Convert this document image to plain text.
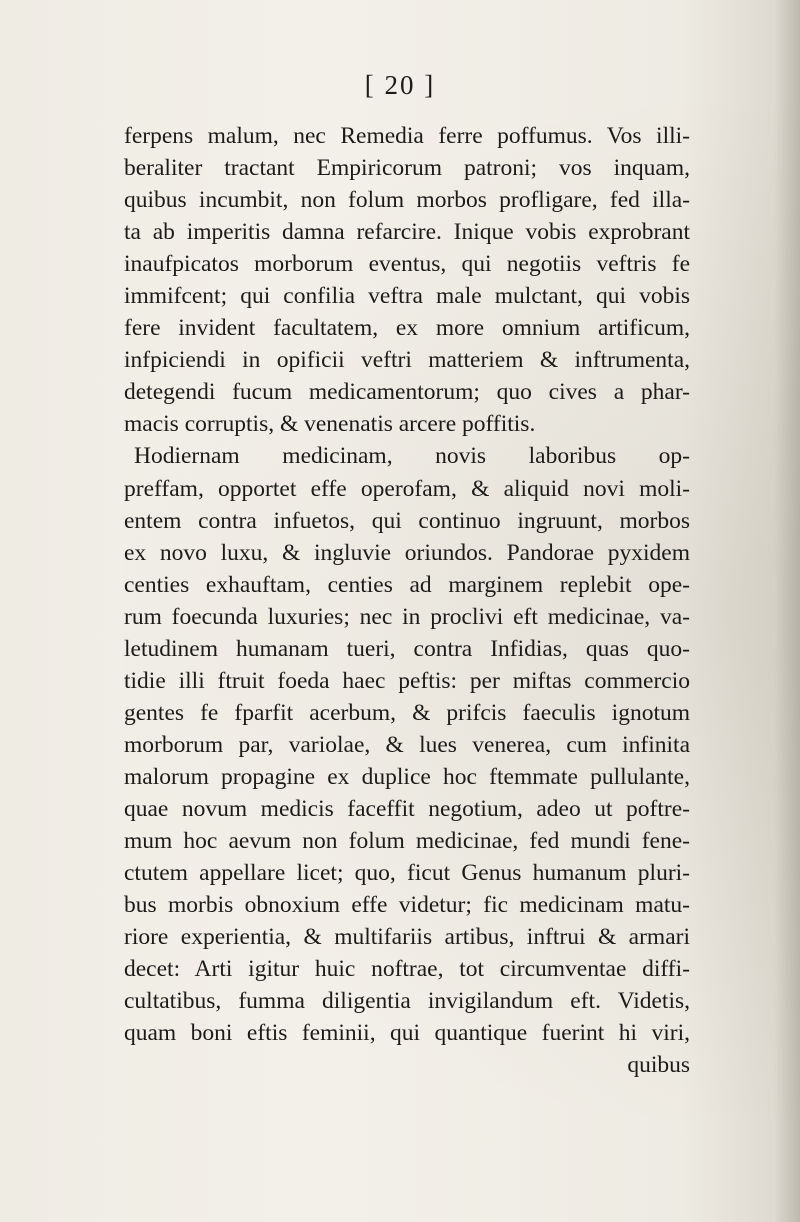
[ 20 ]
ferpens malum, nec Remedia ferre poffumus. Vos illi-
beraliter tractant Empiricorum patroni; vos inquam,
quibus incumbit, non folum morbos profligare, fed illa-
ta ab imperitis damna refarcire. Inique vobis exprobrant
inaufpicatos morborum eventus, qui negotiis veftris fe
immifcent; qui confilia veftra male mulctant, qui vobis
fere invident facultatem, ex more omnium artificum,
infpiciendi in opificii veftri matteriem & inftrumenta,
detegendi fucum medicamentorum; quo cives a phar-
macis corruptis, & venenatis arcere poffitis.
Hodiernam medicinam, novis laboribus op-
preffam, opportet effe operofam, & aliquid novi moli-
entem contra infuetos, qui continuo ingruunt, morbos
ex novo luxu, & ingluvie oriundos. Pandorae pyxidem
centies exhauftam, centies ad marginem replebit ope-
rum foecunda luxuries; nec in proclivi eft medicinae, va-
letudinem humanam tueri, contra Infidias, quas quo-
tidie illi ftruit foeda haec peftis: per miftas commercio
gentes fe fparfit acerbum, & prifcis faeculis ignotum
morborum par, variolae, & lues venerea, cum infinita
malorum propagine ex duplice hoc ftemmate pullulante,
quae novum medicis faceffit negotium, adeo ut poftre-
mum hoc aevum non folum medicinae, fed mundi fene-
ctutem appellare licet; quo, ficut Genus humanum pluri-
bus morbis obnoxium effe videtur; fic medicinam matu-
riore experientia, & multifariis artibus, inftrui & armari
decet: Arti igitur huic noftrae, tot circumventae diffi-
cultatibus, fumma diligentia invigilandum eft. Videtis,
quam boni eftis feminii, qui quantique fuerint hi viri,
quibus
